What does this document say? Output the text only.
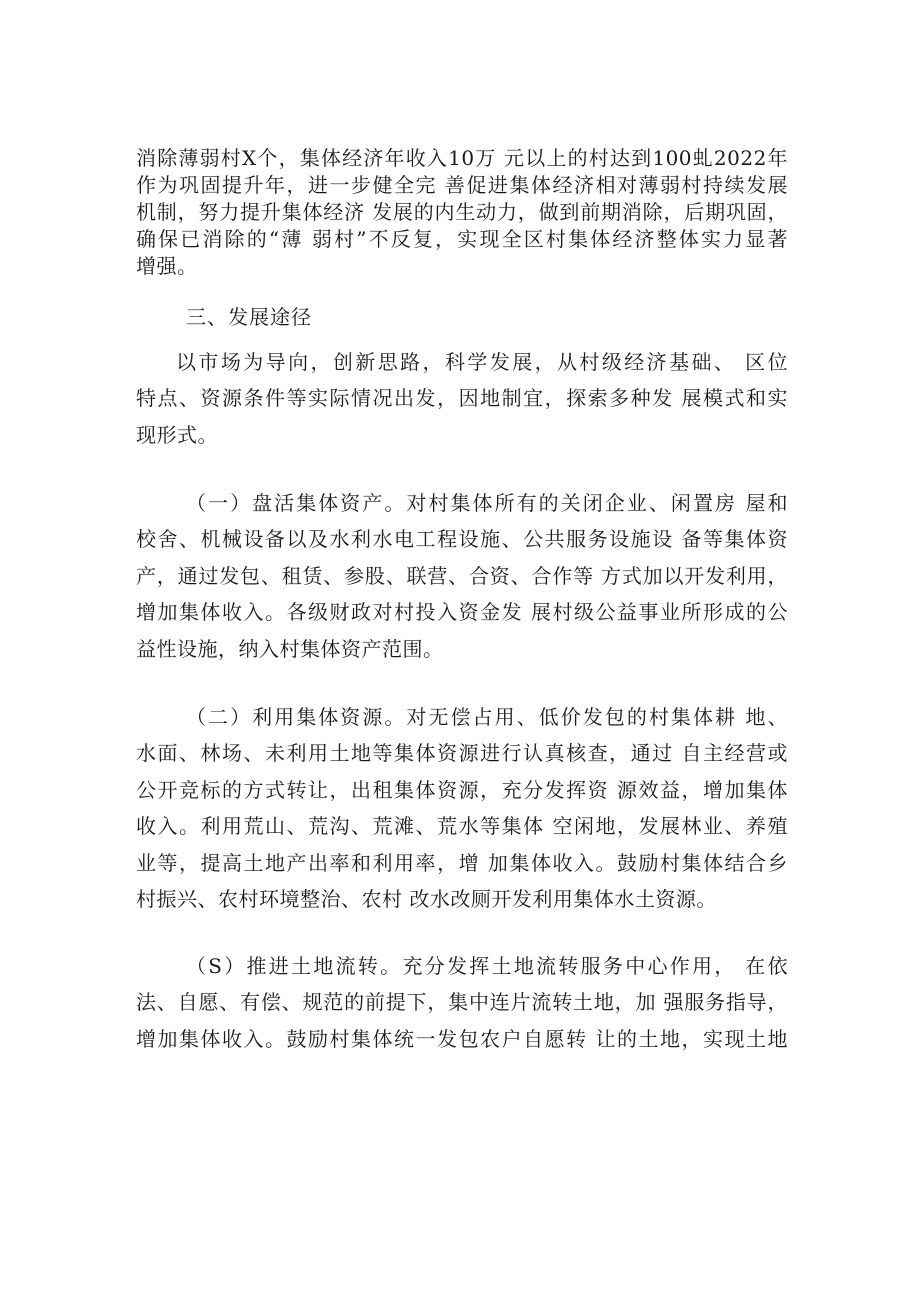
消除薄弱村X个，集体经济年收入10万 元以上的村达到100虬2022年
作为巩固提升年，进一步健全完 善促进集体经济相对薄弱村持续发展
机制，努力提升集体经济 发展的内生动力，做到前期消除，后期巩固，
确保已消除的“薄 弱村”不反复，实现全区村集体经济整体实力显著
增强。
三、发展途径
以市场为导向，创新思路，科学发展，从村级经济基础、 区位
特点、资源条件等实际情况出发，因地制宜，探索多种发 展模式和实
现形式。
（一）盘活集体资产。对村集体所有的关闭企业、闲置房 屋和
校舍、机械设备以及水利水电工程设施、公共服务设施设 备等集体资
产，通过发包、租赁、参股、联营、合资、合作等 方式加以开发利用，
增加集体收入。各级财政对村投入资金发 展村级公益事业所形成的公
益性设施，纳入村集体资产范围。
（二）利用集体资源。对无偿占用、低价发包的村集体耕 地、
水面、林场、未利用土地等集体资源进行认真核查，通过 自主经营或
公开竞标的方式转让，出租集体资源，充分发挥资 源效益，增加集体
收入。利用荒山、荒沟、荒滩、荒水等集体 空闲地，发展林业、养殖
业等，提高土地产出率和利用率，增 加集体收入。鼓励村集体结合乡
村振兴、农村环境整治、农村 改水改厕开发利用集体水土资源。
（S）推进土地流转。充分发挥土地流转服务中心作用， 在依
法、自愿、有偿、规范的前提下，集中连片流转土地，加 强服务指导，
增加集体收入。鼓励村集体统一发包农户自愿转 让的土地，实现土地
